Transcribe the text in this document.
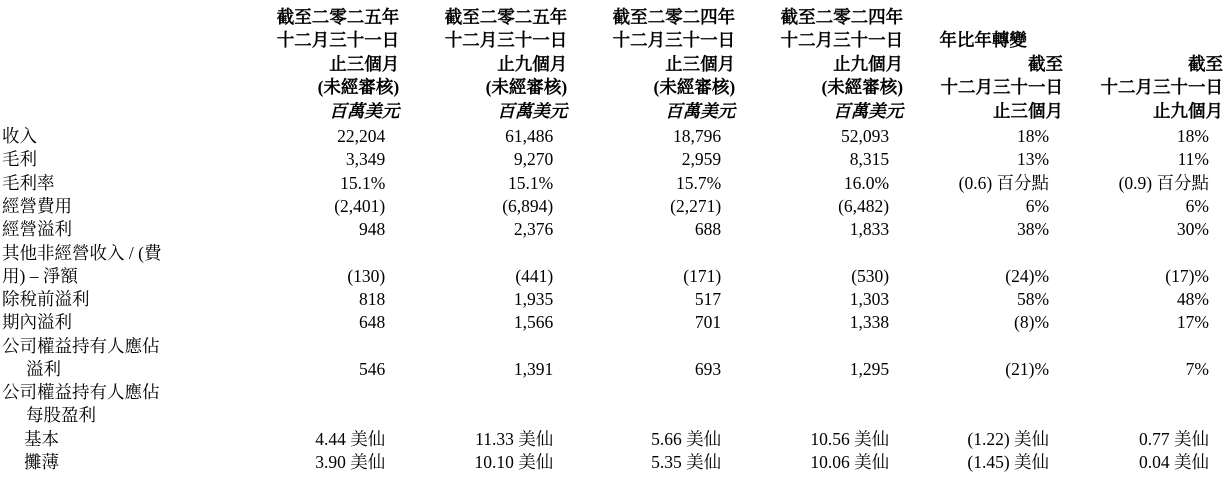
	截至二零二五年
十二月三十一日
止三個月
(未經審核)
百萬美元	截至二零二五年
十二月三十一日
止九個月
(未經審核)
百萬美元	截至二零二四年
十二月三十一日
止三個月
(未經審核)
百萬美元	截至二零二四年
十二月三十一日
止九個月
(未經審核)
百萬美元	年比年轉變
截至
十二月三十一日
止三個月	截至
十二月三十一日
止九個月

收入	22,204	61,486	18,796	52,093	18%	18%
毛利	3,349	9,270	2,959	8,315	13%	11%
毛利率	15.1%	15.1%	15.7%	16.0%	(0.6) 百分點	(0.9) 百分點
經營費用	(2,401)	(6,894)	(2,271)	(6,482)	6%	6%
經營溢利	948	2,376	688	1,833	38%	30%

其他非經營收入 / (費
用) – 淨額	(130)	(441)	(171)	(530)	(24)%	(17)%
除稅前溢利	818	1,935	517	1,303	58%	48%
期內溢利	648	1,566	701	1,338	(8)%	17%

公司權益持有人應佔
溢利	546	1,391	693	1,295	(21)%	7%

公司權益持有人應佔
每股盈利						

基本	4.44 美仙	11.33 美仙	5.66 美仙	10.56 美仙	(1.22) 美仙	0.77 美仙
攤薄	3.90 美仙	10.10 美仙	5.35 美仙	10.06 美仙	(1.45) 美仙	0.04 美仙
